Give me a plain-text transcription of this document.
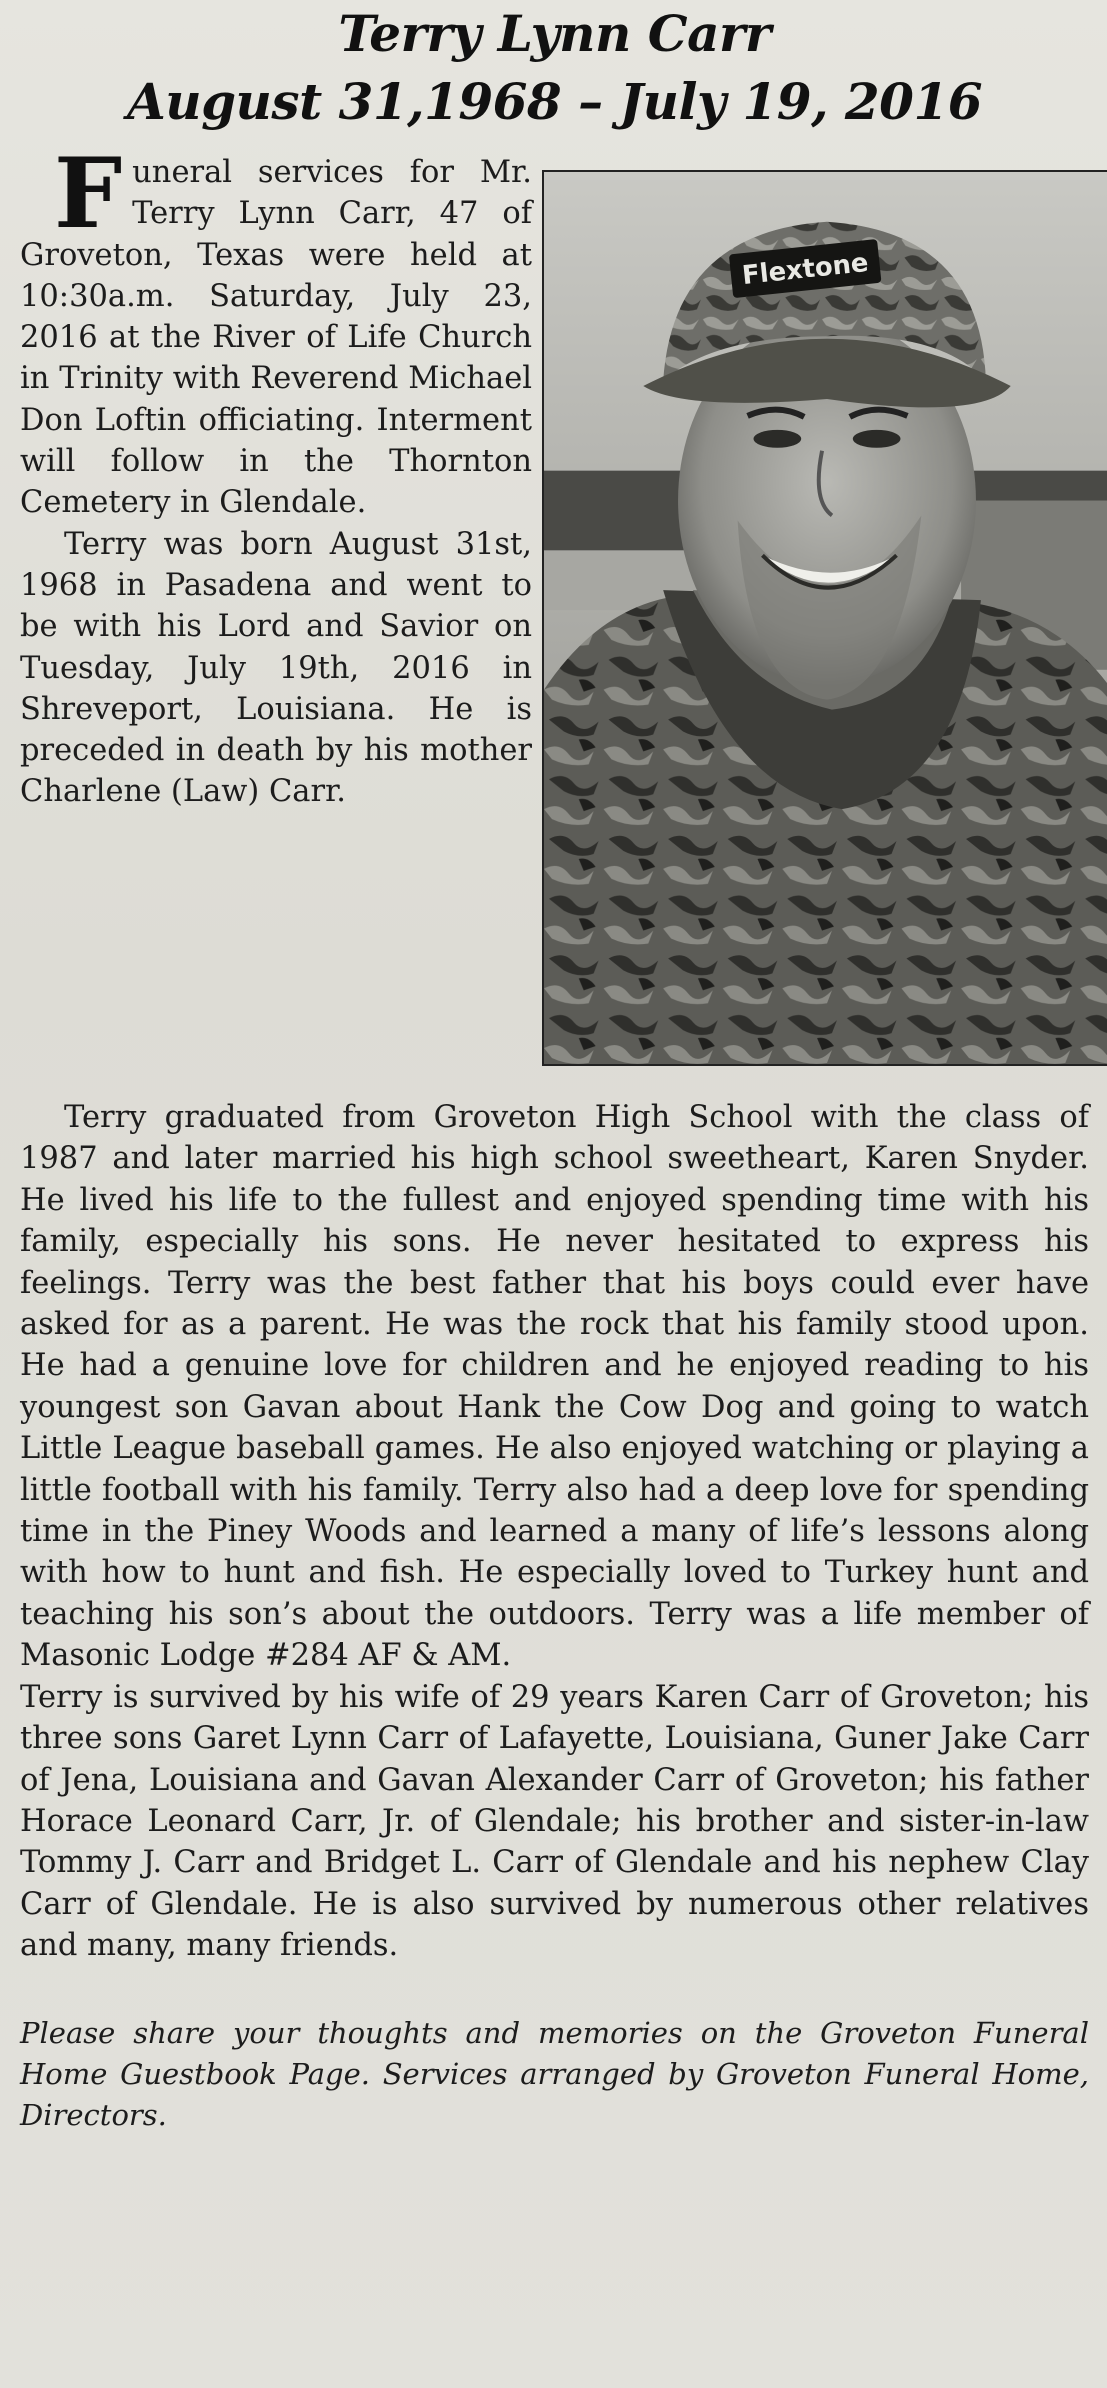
Terry Lynn Carr
August 31,1968 – July 19, 2016

Funeral services for Mr. Terry Lynn Carr, 47 of Groveton, Texas were held at 10:30a.m. Saturday, July 23, 2016 at the River of Life Church in Trinity with Reverend Michael Don Loftin officiating. Interment will follow in the Thornton Cemetery in Glendale.

Terry was born August 31st, 1968 in Pasadena and went to be with his Lord and Savior on Tuesday, July 19th, 2016 in Shreveport, Louisiana. He is preceded in death by his mother Charlene (Law) Carr.

Flextone

Terry graduated from Groveton High School with the class of 1987 and later married his high school sweetheart, Karen Snyder. He lived his life to the fullest and enjoyed spending time with his family, especially his sons. He never hesitated to express his feelings. Terry was the best father that his boys could ever have asked for as a parent. He was the rock that his family stood upon. He had a genuine love for children and he enjoyed reading to his youngest son Gavan about Hank the Cow Dog and going to watch Little League baseball games. He also enjoyed watching or playing a little football with his family. Terry also had a deep love for spending time in the Piney Woods and learned a many of life’s lessons along with how to hunt and fish. He especially loved to Turkey hunt and teaching his son’s about the outdoors. Terry was a life member of Masonic Lodge #284 AF & AM.

Terry is survived by his wife of 29 years Karen Carr of Groveton; his three sons Garet Lynn Carr of Lafayette, Louisiana, Guner Jake Carr of Jena, Louisiana and Gavan Alexander Carr of Groveton; his father Horace Leonard Carr, Jr. of Glendale; his brother and sister-in-law Tommy J. Carr and Bridget L. Carr of Glendale and his nephew Clay Carr of Glendale. He is also survived by numerous other relatives and many, many friends.

Please share your thoughts and memories on the Groveton Funeral Home Guestbook Page. Services arranged by Groveton Funeral Home, Directors.
